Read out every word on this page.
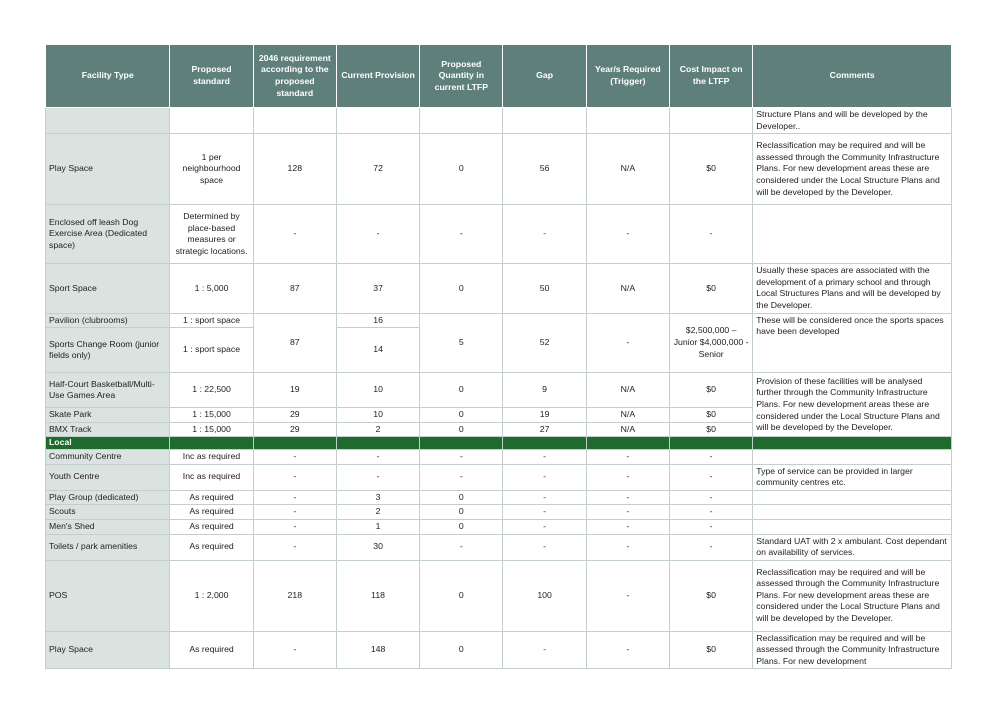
Facility Type	Proposed standard	2046 requirement according to the proposed standard	Current Provision	Proposed Quantity in current LTFP	Gap	Year/s Required (Trigger)	Cost Impact on the LTFP	Comments
								Structure Plans and will be developed by the Developer..
Play Space	1 per neighbourhood space	128	72	0	56	N/A	$0	Reclassification may be required and will be assessed through the Community Infrastructure Plans. For new development areas these are considered under the Local Structure Plans and will be developed by the Developer.
Enclosed off leash Dog Exercise Area (Dedicated space)	Determined by place-based measures or strategic locations.	-	-	-	-	-	-	
Sport Space	1 : 5,000	87	37	0	50	N/A	$0	Usually these spaces are associated with the development of a primary school and through Local Structures Plans and will be developed by the Developer.
Pavilion (clubrooms)	1 : sport space	87	16	5	52	-	$2,500,000 – Junior $4,000,000 - Senior	These will be considered once the sports spaces have been developed
Sports Change Room (junior fields only)	1 : sport space		14					
Half-Court Basketball/Multi-Use Games Area	1 : 22,500	19	10	0	9	N/A	$0	Provision of these facilities will be analysed further through the Community Infrastructure Plans. For new development areas these are considered under the Local Structure Plans and will be developed by the Developer.
Skate Park	1 : 15,000	29	10	0	19	N/A	$0	
BMX Track	1 : 15,000	29	2	0	27	N/A	$0	
Local								
Community Centre	Inc as required	-	-	-	-	-	-	
Youth Centre	Inc as required	-	-	-	-	-	-	Type of service can be provided in larger community centres etc.
Play Group (dedicated)	As required	-	3	0	-	-	-	
Scouts	As required	-	2	0	-	-	-	
Men's Shed	As required	-	1	0	-	-	-	
Toilets / park amenities	As required	-	30	-	-	-	-	Standard UAT with 2 x ambulant. Cost dependant on availability of services.
POS	1 : 2,000	218	118	0	100	-	$0	Reclassification may be required and will be assessed through the Community Infrastructure Plans. For new development areas these are considered under the Local Structure Plans and will be developed by the Developer.
Play Space	As required	-	148	0	-	-	$0	Reclassification may be required and will be assessed through the Community Infrastructure Plans. For new development
